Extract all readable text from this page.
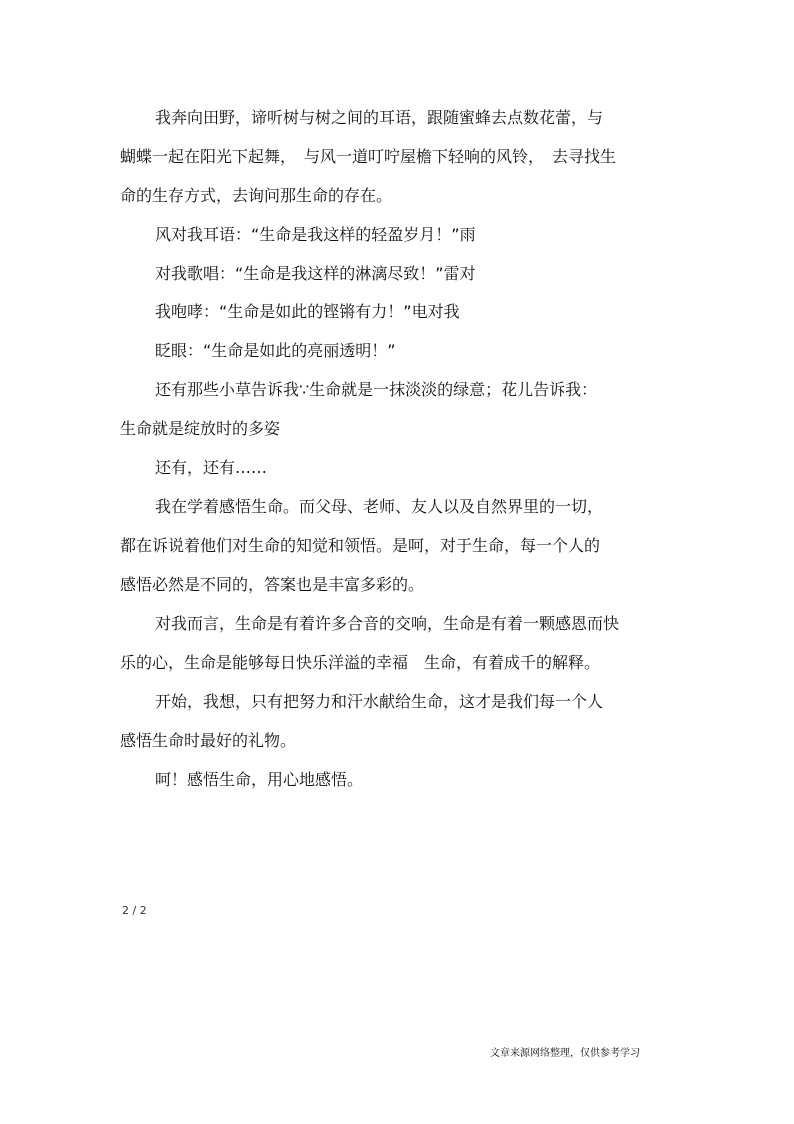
我奔向田野，谛听树与树之间的耳语，跟随蜜蜂去点数花蕾，与
蝴蝶一起在阳光下起舞，　与风一道叮咛屋檐下轻响的风铃，　去寻找生
命的生存方式，去询问那生命的存在。
风对我耳语：“生命是我这样的轻盈岁月！”雨
对我歌唱：“生命是我这样的淋漓尽致！”雷对
我咆哮：“生命是如此的铿锵有力！”电对我
眨眼：“生命是如此的亮丽透明！”
还有那些小草告诉我∵生命就是一抹淡淡的绿意；花儿告诉我：
生命就是绽放时的多姿
还有，还有……
我在学着感悟生命。而父母、老师、友人以及自然界里的一切，
都在诉说着他们对生命的知觉和领悟。是呵，对于生命，每一个人的
感悟必然是不同的，答案也是丰富多彩的。
对我而言，生命是有着许多合音的交响，生命是有着一颗感恩而快
乐的心，生命是能够每日快乐洋溢的幸福　生命，有着成千的解释。
开始，我想，只有把努力和汗水献给生命，这才是我们每一个人
感悟生命时最好的礼物。
呵！感悟生命，用心地感悟。
2 / 2
文章来源网络整理，仅供参考学习
